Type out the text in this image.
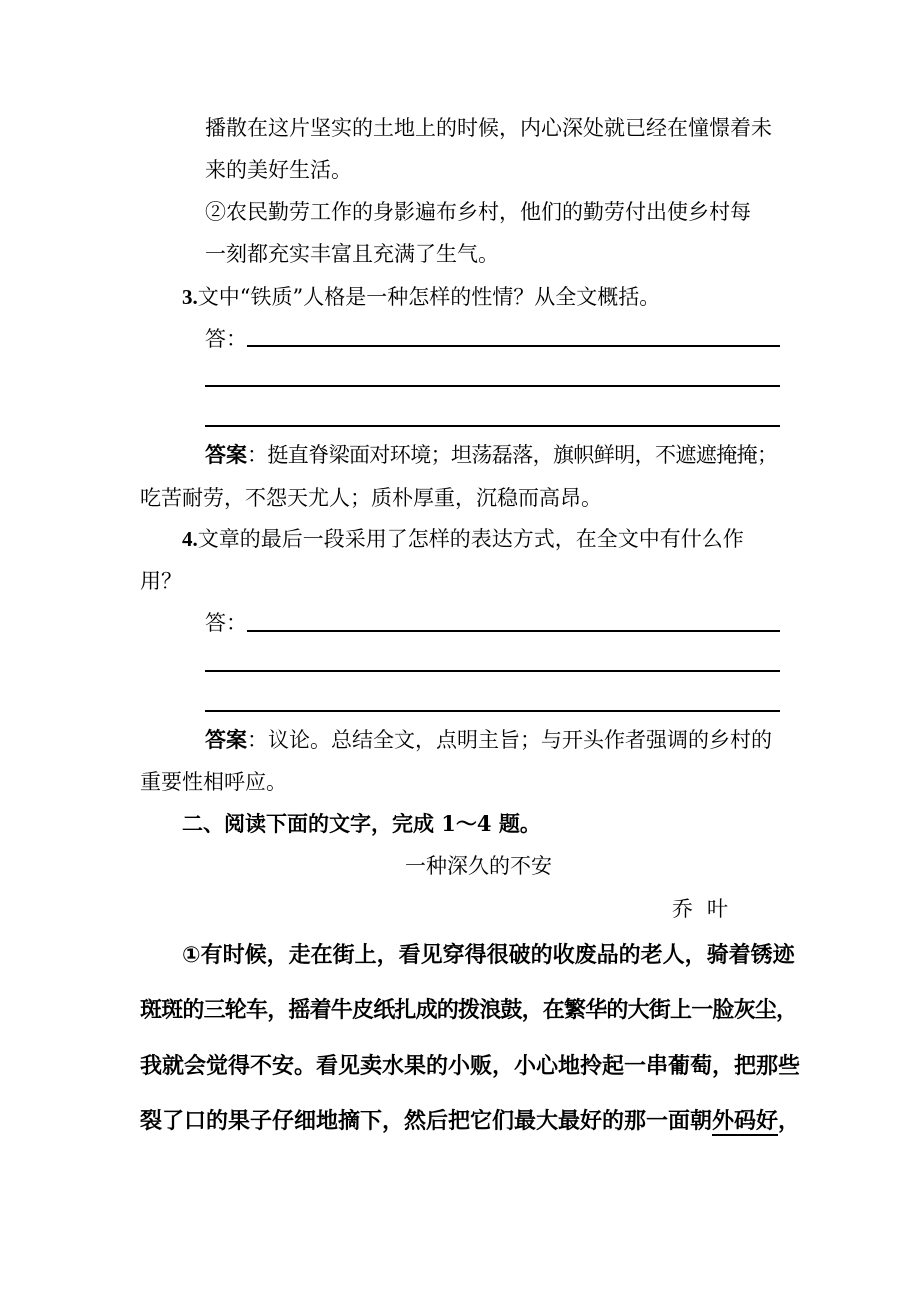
播散在这片坚实的土地上的时候，内心深处就已经在憧憬着未
来的美好生活。
②农民勤劳工作的身影遍布乡村，他们的勤劳付出使乡村每
一刻都充实丰富且充满了生气。
3.文中“铁质”人格是一种怎样的性情？从全文概括。
答：
答案：挺直脊梁面对环境；坦荡磊落，旗帜鲜明，不遮遮掩掩；
吃苦耐劳，不怨天尤人；质朴厚重，沉稳而高昂。
4.文章的最后一段采用了怎样的表达方式，在全文中有什么作
用？
答：
答案：议论。总结全文，点明主旨；与开头作者强调的乡村的
重要性相呼应。
二、阅读下面的文字，完成 1～4 题。
一种深久的不安
乔叶
①有时候，走在街上，看见穿得很破的收废品的老人，骑着锈迹
斑斑的三轮车，摇着牛皮纸扎成的拨浪鼓，在繁华的大街上一脸灰尘，
我就会觉得不安。看见卖水果的小贩，小心地拎起一串葡萄，把那些
裂了口的果子仔细地摘下，然后把它们最大最好的那一面朝外码好，
